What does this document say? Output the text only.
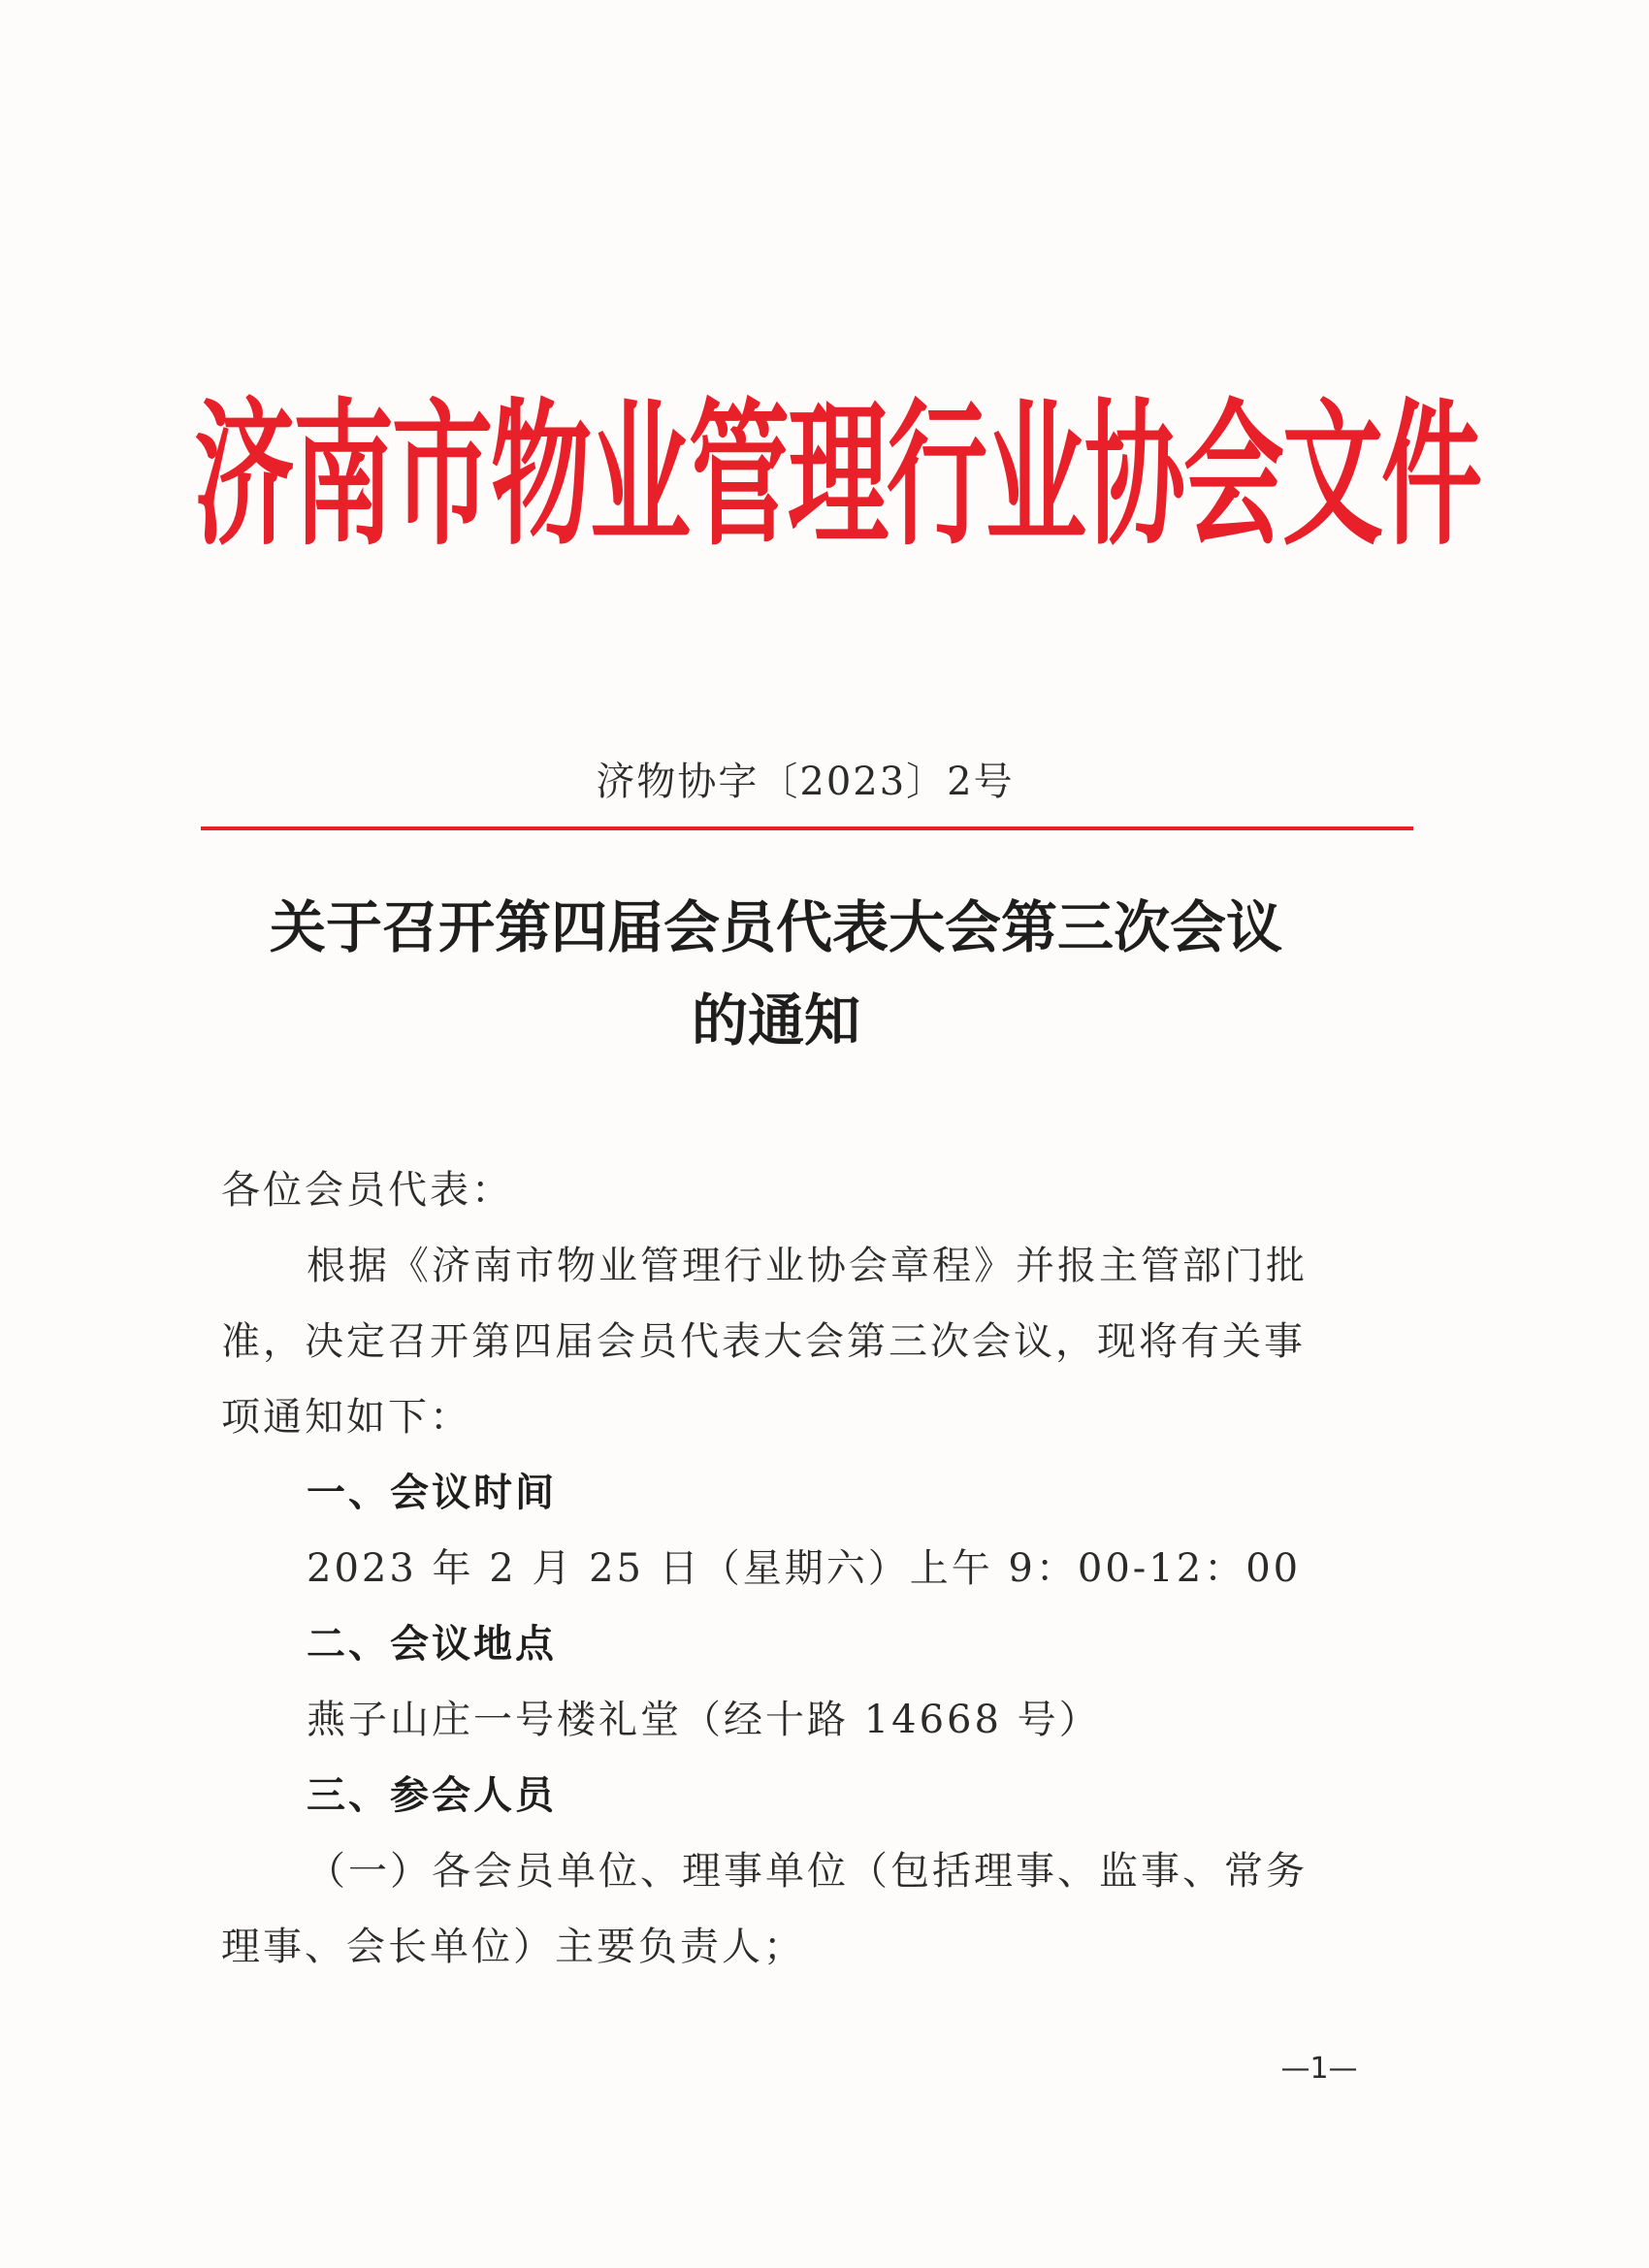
济南市物业管理行业协会文件
济物协字〔2023〕2号
关于召开第四届会员代表大会第三次会议
的通知

各位会员代表：

根据《济南市物业管理行业协会章程》并报主管部门批

准，决定召开第四届会员代表大会第三次会议，现将有关事

项通知如下：

一、会议时间

2023 年 2 月 25 日（星期六）上午 9：00-12：00

二、会议地点

燕子山庄一号楼礼堂（经十路 14668 号）

三、参会人员

（一）各会员单位、理事单位（包括理事、监事、常务

理事、会长单位）主要负责人；

—1—
